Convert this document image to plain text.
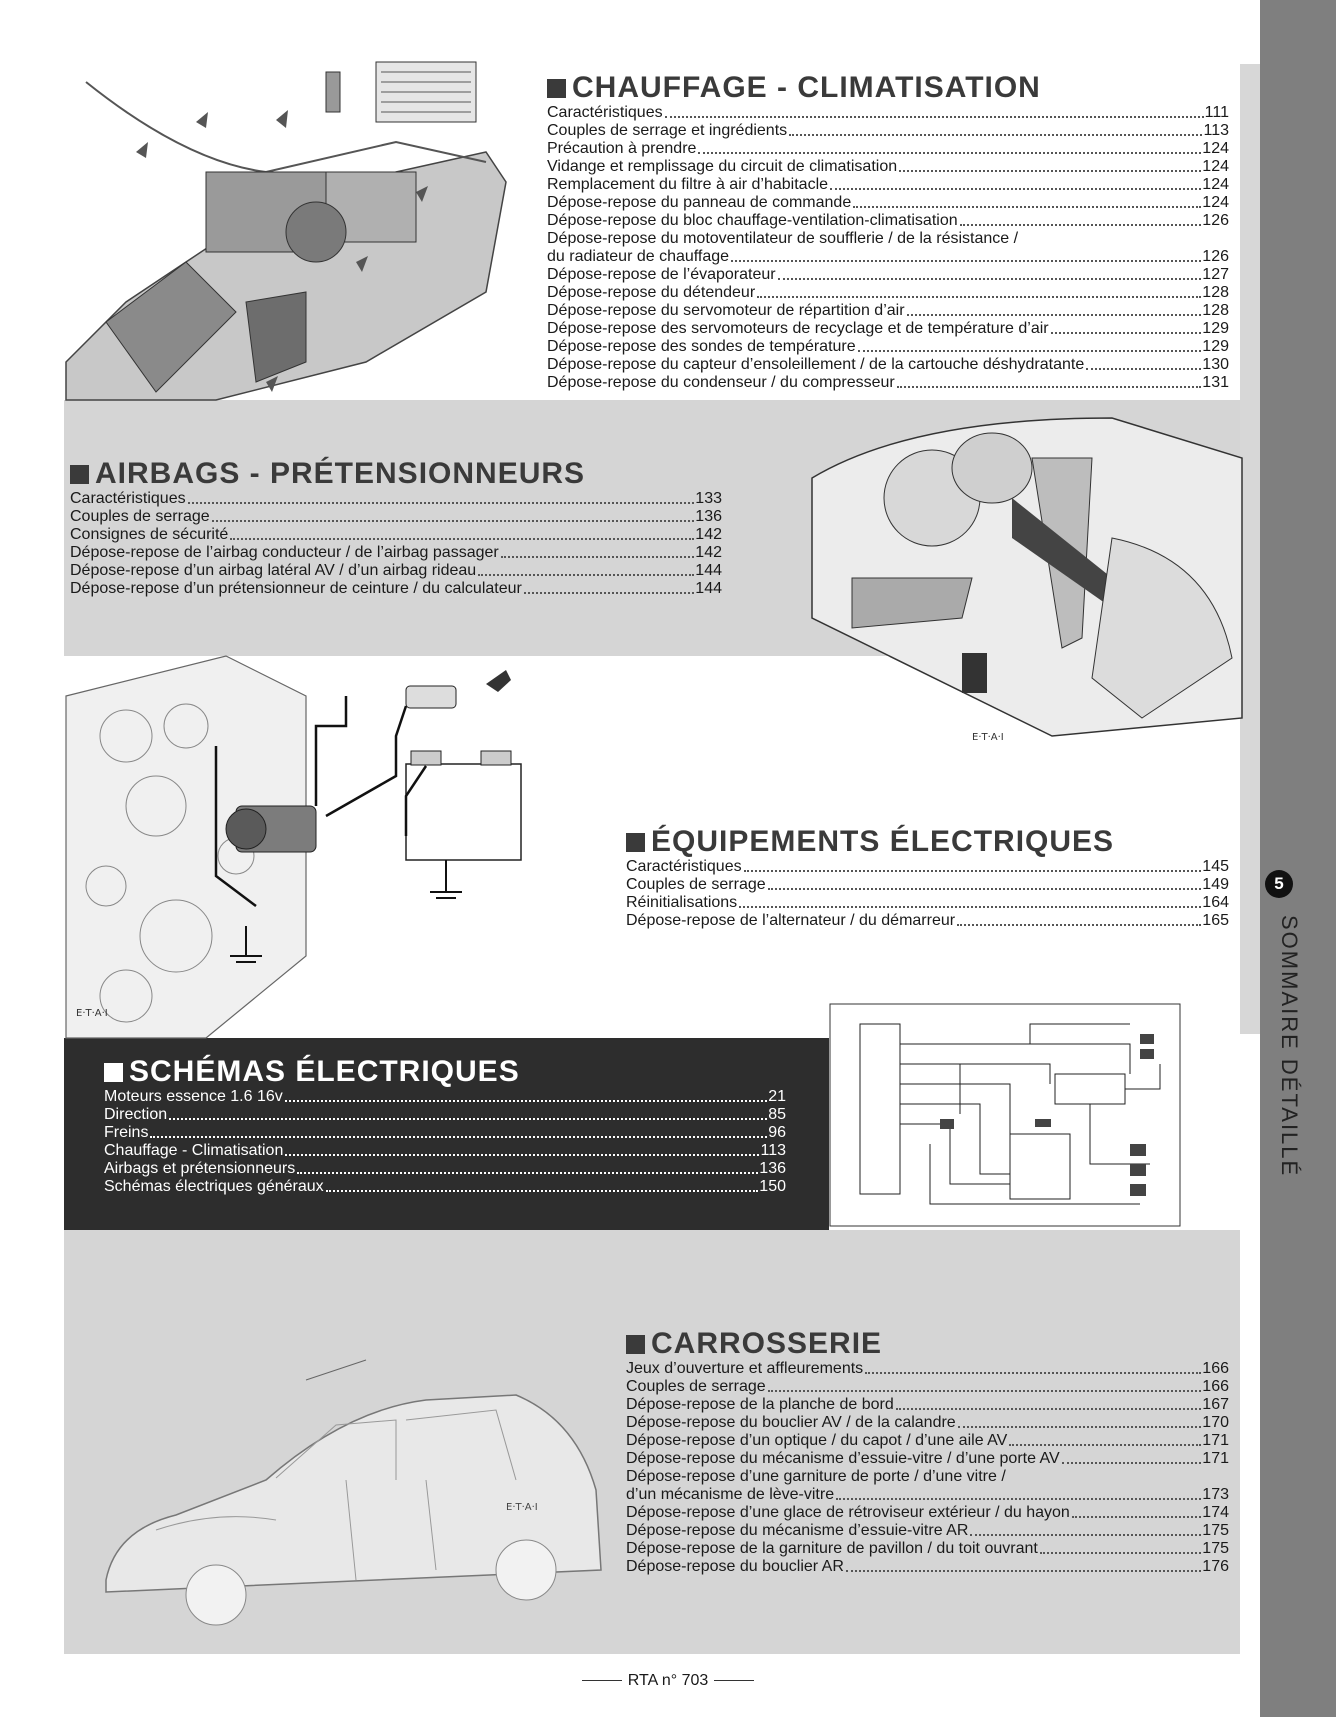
5
SOMMAIRE DÉTAILLÉ
E·T·A·I
E·T·A·I
E·T·A·I
CHAUFFAGE - CLIMATISATION
Caractéristiques	111
Couples de serrage et ingrédients	113
Précaution à prendre	124
Vidange et remplissage du circuit de climatisation	124
Remplacement du filtre à air d’habitacle	124
Dépose-repose du panneau de commande	124
Dépose-repose du bloc chauffage-ventilation-climatisation	126
Dépose-repose du motoventilateur de soufflerie / de la résistance /
du radiateur de chauffage	126
Dépose-repose de l’évaporateur	127
Dépose-repose du détendeur	128
Dépose-repose du servomoteur de répartition d’air	128
Dépose-repose des servomoteurs de recyclage et de température d’air	129
Dépose-repose des sondes de température	129
Dépose-repose du capteur d’ensoleillement / de la cartouche déshydratante	130
Dépose-repose du condenseur / du compresseur	131
AIRBAGS - PRÉTENSIONNEURS
Caractéristiques	133
Couples de serrage	136
Consignes de sécurité	142
Dépose-repose de l’airbag conducteur / de l’airbag passager	142
Dépose-repose d’un airbag latéral AV / d’un airbag rideau	144
Dépose-repose d’un prétensionneur de ceinture / du calculateur	144
ÉQUIPEMENTS ÉLECTRIQUES
Caractéristiques	145
Couples de serrage	149
Réinitialisations	164
Dépose-repose de l’alternateur / du démarreur	165
SCHÉMAS ÉLECTRIQUES
Moteurs essence 1.6 16v	21
Direction	85
Freins	96
Chauffage - Climatisation	113
Airbags et prétensionneurs	136
Schémas électriques généraux	150
CARROSSERIE
Jeux d’ouverture et affleurements	166
Couples de serrage	166
Dépose-repose de la planche de bord	167
Dépose-repose du bouclier AV / de la calandre	170
Dépose-repose d’un optique / du capot / d’une aile AV	171
Dépose-repose du mécanisme d’essuie-vitre / d’une porte AV	171
Dépose-repose d’une garniture de porte / d’une vitre /
d’un mécanisme de lève-vitre	173
Dépose-repose d’une glace de rétroviseur extérieur / du hayon	174
Dépose-repose du mécanisme d’essuie-vitre AR	175
Dépose-repose de la garniture de pavillon / du toit ouvrant	175
Dépose-repose du bouclier AR	176
RTA n° 703
